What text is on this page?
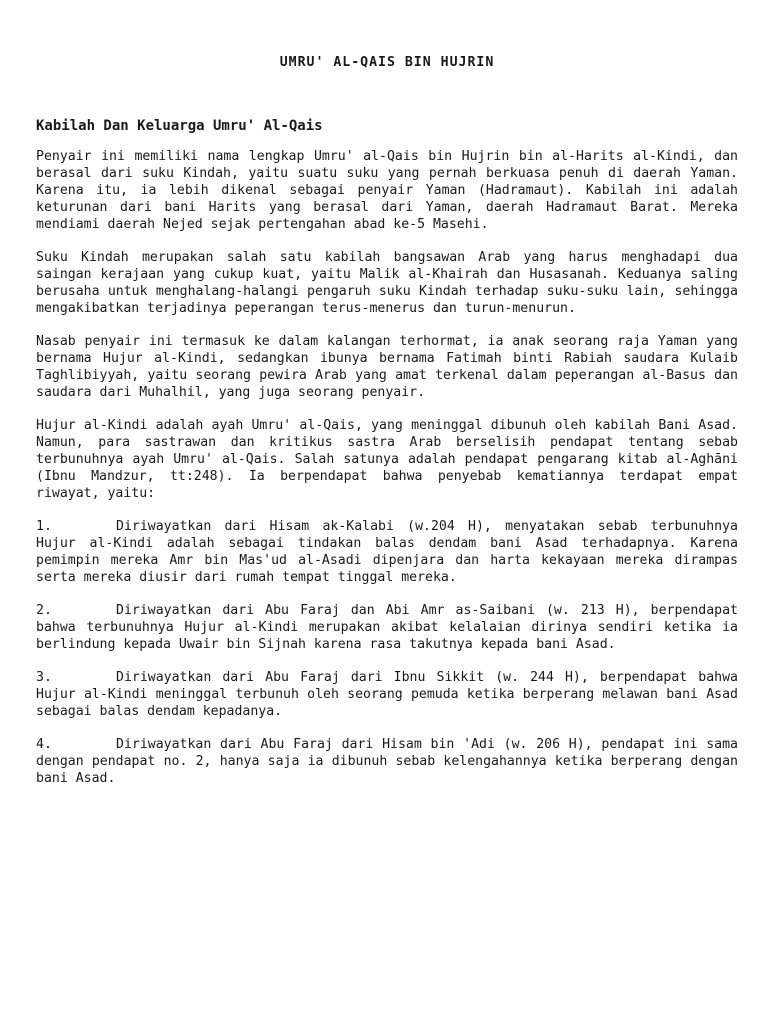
UMRU' AL-QAIS BIN HUJRIN
Kabilah Dan Keluarga Umru' Al-Qais

Penyair ini memiliki nama lengkap Umru' al-Qais bin Hujrin bin al-Harits al-Kindi, dan berasal dari suku Kindah, yaitu suatu suku yang pernah berkuasa penuh di daerah Yaman. Karena itu, ia lebih dikenal sebagai penyair Yaman (Hadramaut). Kabilah ini adalah keturunan dari bani Harits yang berasal dari Yaman, daerah Hadramaut Barat. Mereka mendiami daerah Nejed sejak pertengahan abad ke-5 Masehi.

Suku Kindah merupakan salah satu kabilah bangsawan Arab yang harus menghadapi dua saingan kerajaan yang cukup kuat, yaitu Malik al-Khairah dan Husasanah. Keduanya saling berusaha untuk menghalang-halangi pengaruh suku Kindah terhadap suku-suku lain, sehingga mengakibatkan terjadinya peperangan terus-menerus dan turun-menurun.

Nasab penyair ini termasuk ke dalam kalangan terhormat, ia anak seorang raja Yaman yang bernama Hujur al-Kindi, sedangkan ibunya bernama Fatimah binti Rabiah saudara Kulaib Taghlibiyyah, yaitu seorang pewira Arab yang amat terkenal dalam peperangan al-Basus dan saudara dari Muhalhil, yang juga seorang penyair.

Hujur al-Kindi adalah ayah Umru' al-Qais, yang meninggal dibunuh oleh kabilah Bani Asad. Namun, para sastrawan dan kritikus sastra Arab berselisih pendapat tentang sebab terbunuhnya ayah Umru' al-Qais. Salah satunya adalah pendapat pengarang kitab al-Aghāni (Ibnu Mandzur, tt:248). Ia berpendapat bahwa penyebab kematiannya terdapat empat riwayat, yaitu:

1.	Diriwayatkan dari Hisam ak-Kalabi (w.204 H), menyatakan sebab terbunuhnya Hujur al-Kindi adalah sebagai tindakan balas dendam bani Asad terhadapnya. Karena pemimpin mereka Amr bin Mas'ud al-Asadi dipenjara dan harta kekayaan mereka dirampas serta mereka diusir dari rumah tempat tinggal mereka.
2.	Diriwayatkan dari Abu Faraj dan Abi Amr as-Saibani (w. 213 H), berpendapat bahwa terbunuhnya Hujur al-Kindi merupakan akibat kelalaian dirinya sendiri ketika ia berlindung kepada Uwair bin Sijnah karena rasa takutnya kepada bani Asad.
3.	Diriwayatkan dari Abu Faraj dari Ibnu Sikkit (w. 244 H), berpendapat bahwa Hujur al-Kindi meninggal terbunuh oleh seorang pemuda ketika berperang melawan bani Asad sebagai balas dendam kepadanya.
4.	Diriwayatkan dari Abu Faraj dari Hisam bin 'Adi (w. 206 H), pendapat ini sama dengan pendapat no. 2, hanya saja ia dibunuh sebab kelengahannya ketika berperang dengan bani Asad.
